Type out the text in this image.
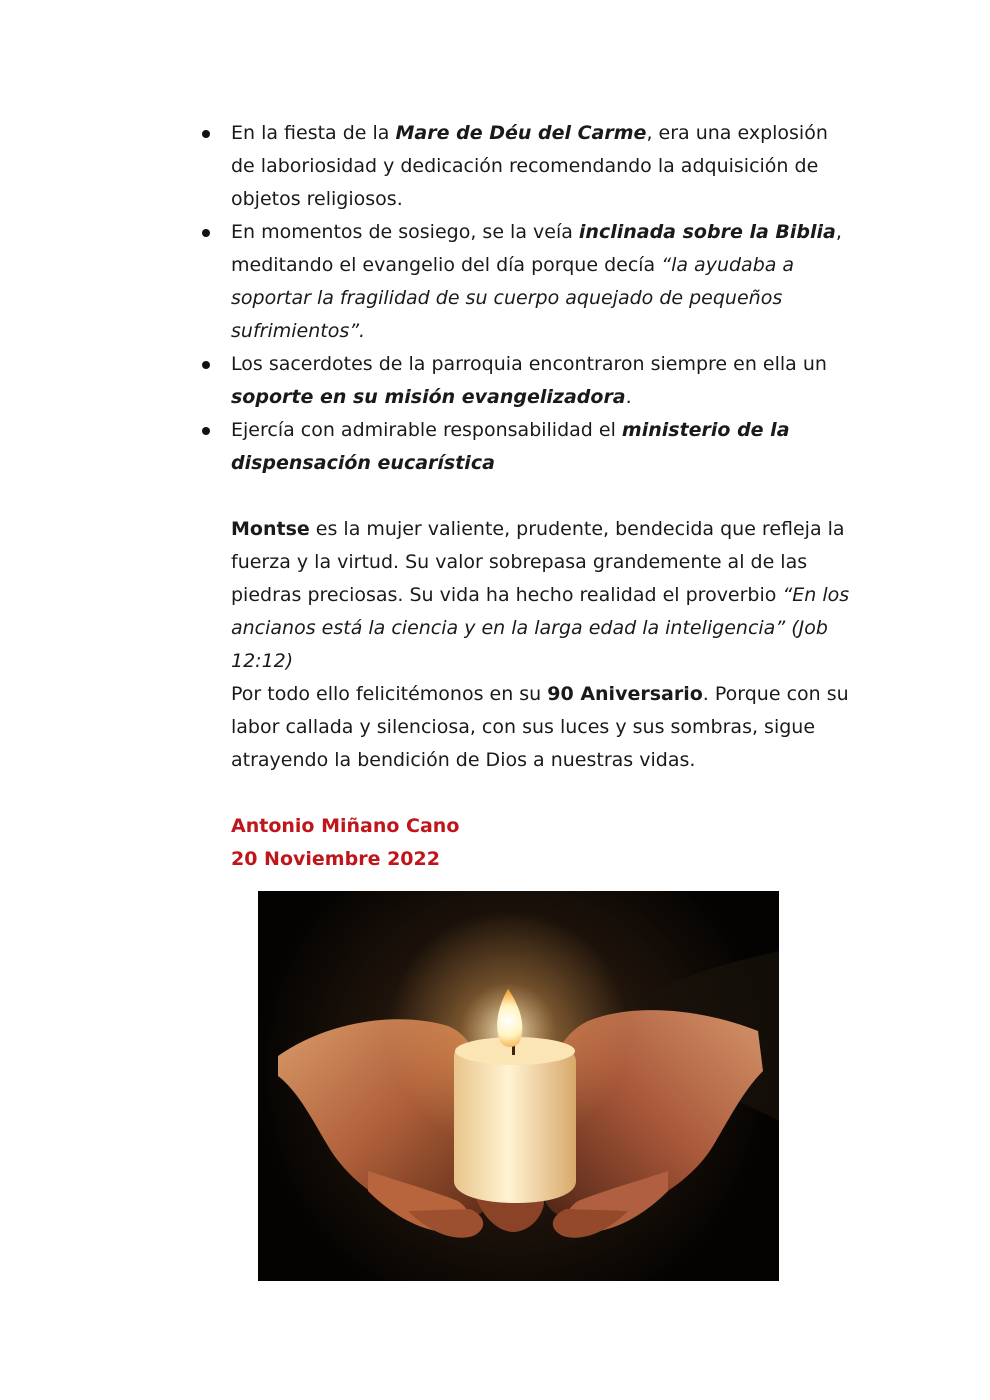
En la fiesta de la Mare de Déu del Carme, era una explosión de laboriosidad y dedicación recomendando la adquisición de objetos religiosos.
En momentos de sosiego, se la veía inclinada sobre la Biblia, meditando el evangelio del día porque decía “la ayudaba a soportar la fragilidad de su cuerpo aquejado de pequeños sufrimientos”.
Los sacerdotes de la parroquia encontraron siempre en ella un soporte en su misión evangelizadora.
Ejercía con admirable responsabilidad el ministerio de la dispensación eucarística

Montse es la mujer valiente, prudente, bendecida que refleja la fuerza y la virtud. Su valor sobrepasa grandemente al de las piedras preciosas. Su vida ha hecho realidad el proverbio “En los ancianos está la ciencia y en la larga edad la inteligencia” (Job 12:12)

Por todo ello felicitémonos en su 90 Aniversario. Porque con su labor callada y silenciosa, con sus luces y sus sombras, sigue atrayendo la bendición de Dios a nuestras vidas.

Antonio Miñano Cano
20 Noviembre 2022
